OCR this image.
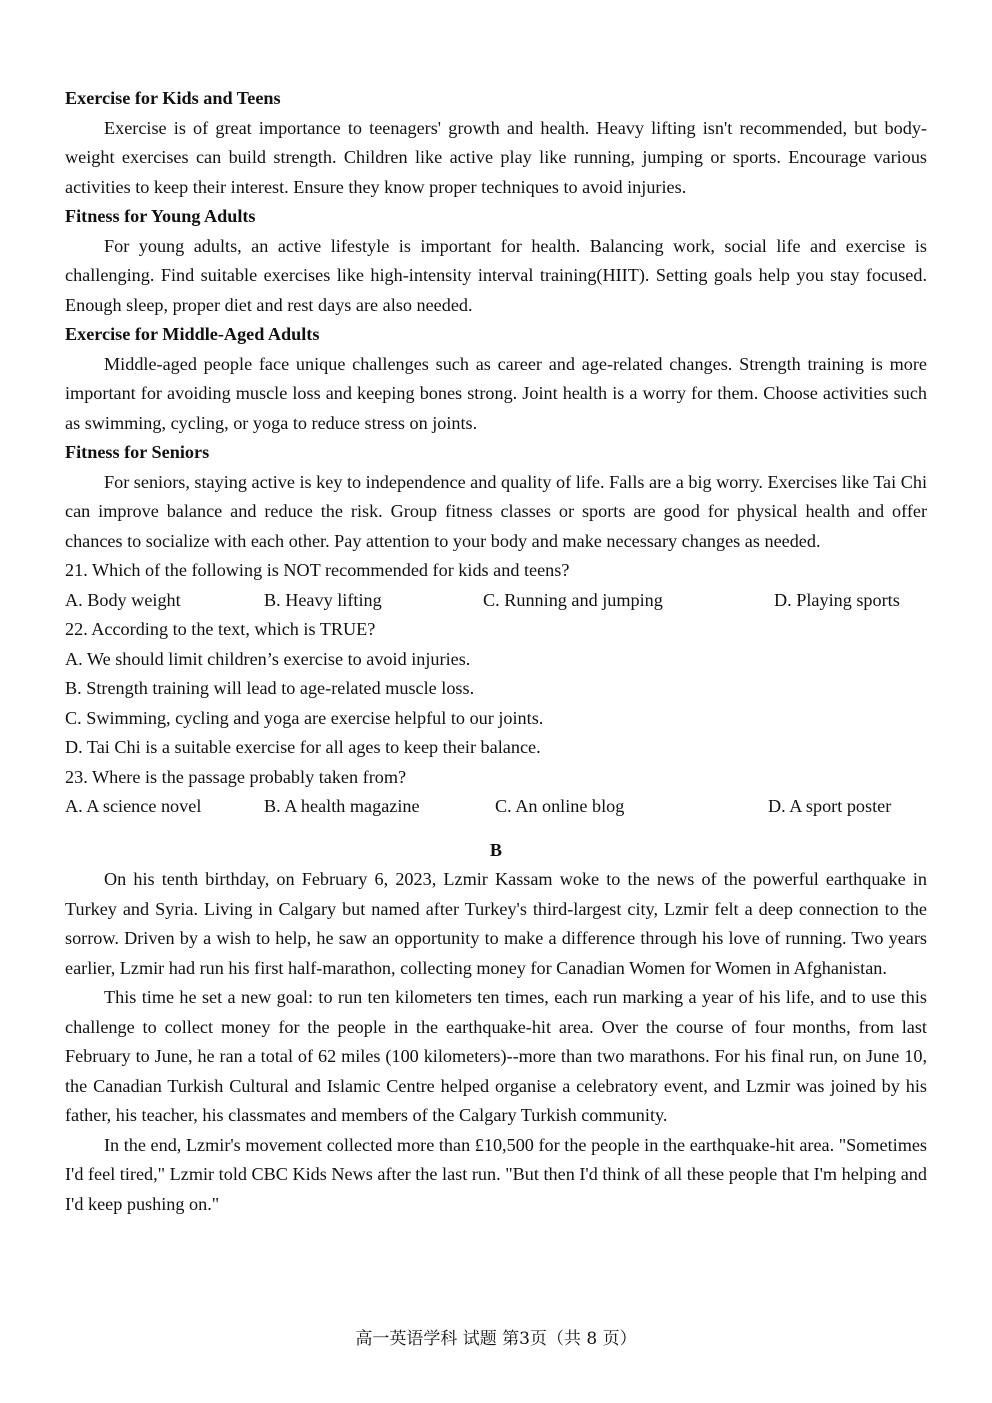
Exercise for Kids and Teens

Exercise is of great importance to teenagers' growth and health. Heavy lifting isn't recommended, but body-weight exercises can build strength. Children like active play like running, jumping or sports. Encourage various activities to keep their interest. Ensure they know proper techniques to avoid injuries.

Fitness for Young Adults

For young adults, an active lifestyle is important for health. Balancing work, social life and exercise is challenging. Find suitable exercises like high-intensity interval training(HIIT). Setting goals help you stay focused. Enough sleep, proper diet and rest days are also needed.

Exercise for Middle-Aged Adults

Middle-aged people face unique challenges such as career and age-related changes. Strength training is more important for avoiding muscle loss and keeping bones strong. Joint health is a worry for them. Choose activities such as swimming, cycling, or yoga to reduce stress on joints.

Fitness for Seniors

For seniors, staying active is key to independence and quality of life. Falls are a big worry. Exercises like Tai Chi can improve balance and reduce the risk. Group fitness classes or sports are good for physical health and offer chances to socialize with each other. Pay attention to your body and make necessary changes as needed.

21. Which of the following is NOT recommended for kids and teens?

A. Body weight	B. Heavy lifting	C. Running and jumping	D. Playing sports

22. According to the text, which is TRUE?

A. We should limit children’s exercise to avoid injuries.

B. Strength training will lead to age-related muscle loss.

C. Swimming, cycling and yoga are exercise helpful to our joints.

D. Tai Chi is a suitable exercise for all ages to keep their balance.

23. Where is the passage probably taken from?

A. A science novel	B. A health magazine	C. An online blog	D. A sport poster

B

On his tenth birthday, on February 6, 2023, Lzmir Kassam woke to the news of the powerful earthquake in Turkey and Syria. Living in Calgary but named after Turkey's third-largest city, Lzmir felt a deep connection to the sorrow. Driven by a wish to help, he saw an opportunity to make a difference through his love of running. Two years earlier, Lzmir had run his first half-marathon, collecting money for Canadian Women for Women in Afghanistan.

This time he set a new goal: to run ten kilometers ten times, each run marking a year of his life, and to use this challenge to collect money for the people in the earthquake-hit area. Over the course of four months, from last February to June, he ran a total of 62 miles (100 kilometers)--more than two marathons. For his final run, on June 10, the Canadian Turkish Cultural and Islamic Centre helped organise a celebratory event, and Lzmir was joined by his father, his teacher, his classmates and members of the Calgary Turkish community.

In the end, Lzmir's movement collected more than £10,500 for the people in the earthquake-hit area. "Sometimes I'd feel tired," Lzmir told CBC Kids News after the last run. "But then I'd think of all these people that I'm helping and I'd keep pushing on."

高一英语学科 试题 第3页（共 8 页）
